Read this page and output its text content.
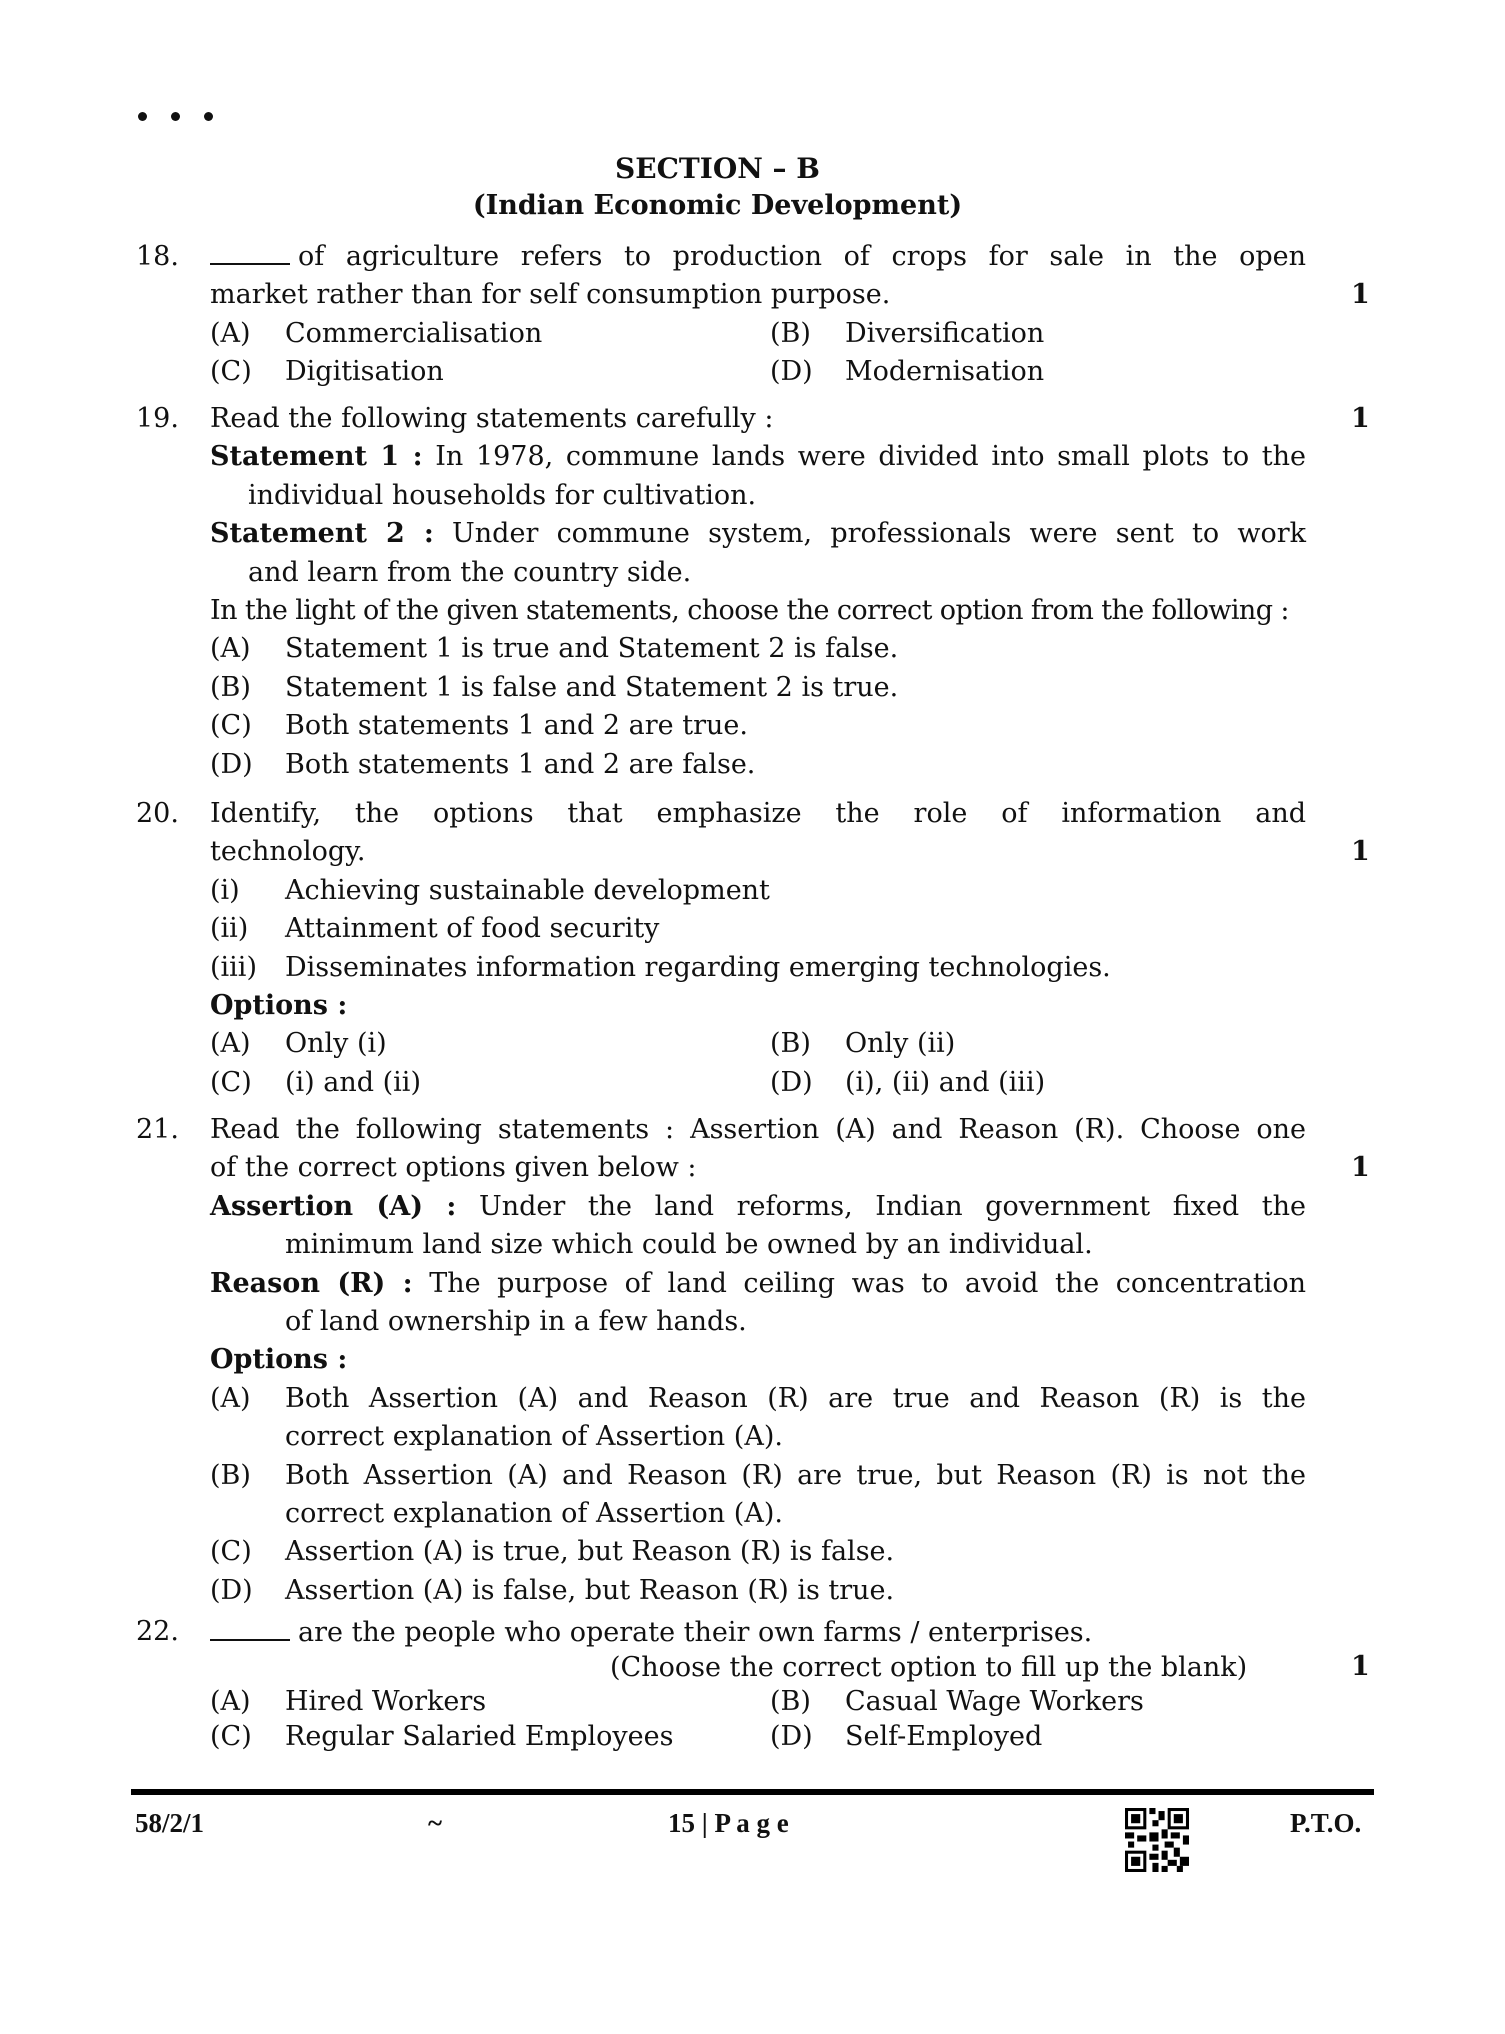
SECTION – B
(Indian Economic Development)
18.	of agriculture refers to production of crops for sale in the open
market rather than for self consumption purpose.
(A)	Commercialisation	(B)	Diversification
(C)	Digitisation	(D)	Modernisation
1
19. Read the following statements carefully :
Statement 1 : In 1978, commune lands were divided into small plots to the
individual households for cultivation.
Statement 2 : Under commune system, professionals were sent to work
and learn from the country side.
In the light of the given statements, choose the correct option from the following :
(A)	Statement 1 is true and Statement 2 is false.
(B)	Statement 1 is false and Statement 2 is true.
(C)	Both statements 1 and 2 are true.
(D)	Both statements 1 and 2 are false.
1
20. Identify, the options that emphasize the role of information and
technology.
(i)	Achieving sustainable development
(ii)	Attainment of food security
(iii)	Disseminates information regarding emerging technologies.
Options :
(A)	Only (i)	(B)	Only (ii)
(C)	(i) and (ii)	(D)	(i), (ii) and (iii)
1
21. Read the following statements : Assertion (A) and Reason (R). Choose one
of the correct options given below :
Assertion (A) : Under the land reforms, Indian government fixed the
minimum land size which could be owned by an individual.
Reason (R) : The purpose of land ceiling was to avoid the concentration
of land ownership in a few hands.
Options :
(A)	Both Assertion (A) and Reason (R) are true and Reason (R) is the
correct explanation of Assertion (A).
(B)	Both Assertion (A) and Reason (R) are true, but Reason (R) is not the
correct explanation of Assertion (A).
(C)	Assertion (A) is true, but Reason (R) is false.
(D)	Assertion (A) is false, but Reason (R) is true.
1
22.	are the people who operate their own farms / enterprises.
(Choose the correct option to fill up the blank)
(A)	Hired Workers	(B)	Casual Wage Workers
(C)	Regular Salaried Employees	(D)	Self-Employed
1
58/2/1	~	15 | P a g e	P.T.O.
